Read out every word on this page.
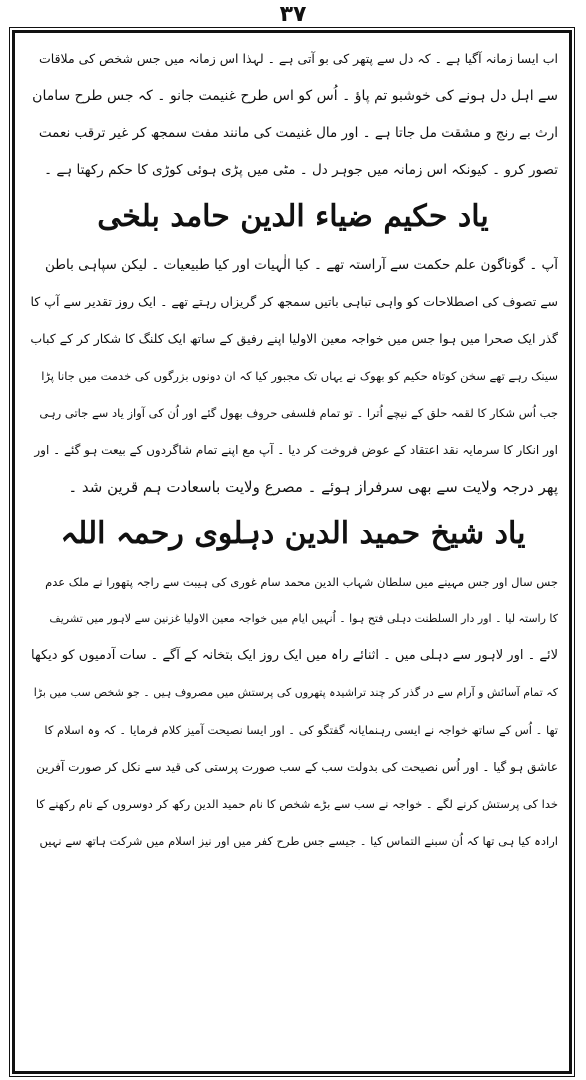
۳۷
اب ایسا زمانہ آگیا ہے ۔ کہ دل سے پتھر کی بو آتی ہے ۔ لہذا اس زمانہ میں جس شخص کی ملاقات
سے اہل دل ہونے کی خوشبو تم پاؤ ۔ اُس کو اس طرح غنیمت جانو ۔ کہ جس طرح سامان
ارث بے رنج و مشقت مل جاتا ہے ۔ اور مال غنیمت کی مانند مفت سمجھ کر غیر ترقب نعمت
تصور کرو ۔ کیونکہ اس زمانہ میں جوہر دل ۔ مٹی میں پڑی ہوئی کوڑی کا حکم رکھتا ہے ۔
یاد حکیم ضیاء الدین حامد بلخی
آپ ۔ گوناگون علم حکمت سے آراستہ تھے ۔ کیا الٰہیات اور کیا طبیعیات ۔ لیکن سپاہی باطن
سے تصوف کی اصطلاحات کو واہی تباہی باتیں سمجھ کر گریزاں رہتے تھے ۔ ایک روز تقدیر سے آپ کا
گذر ایک صحرا میں ہوا جس میں خواجہ معین الاولیا اپنے رفیق کے ساتھ ایک کلنگ کا شکار کر کے کباب
سینک رہے تھے سخن کوتاہ حکیم کو بھوک نے یہاں تک مجبور کیا کہ ان دونوں بزرگوں کی خدمت میں جانا پڑا
جب اُس شکار کا لقمہ حلق کے نیچے اُترا ۔ تو تمام فلسفی حروف بھول گئے اور اُن کی آواز یاد سے جاتی رہی
اور انکار کا سرمایہ نقد اعتقاد کے عوض فروخت کر دیا ۔ آپ مع اپنے تمام شاگردوں کے بیعت ہو گئے ۔ اور
پھر درجہ ولایت سے بھی سرفراز ہوئے ۔ مصرع ولایت باسعادت ہم قرین شد ۔
یاد شیخ حمید الدین دہلوی رحمہ اللہ
جس سال اور جس مہینے میں سلطان شہاب الدین محمد سام غوری کی ہیبت سے راجہ پتھورا نے ملک عدم
کا راستہ لیا ۔ اور دار السلطنت دہلی فتح ہوا ۔ اُنہیں ایام میں خواجہ معین الاولیا غزنین سے لاہور میں تشریف
لائے ۔ اور لاہور سے دہلی میں ۔ اثنائے راہ میں ایک روز ایک بتخانہ کے آگے ۔ سات آدمیوں کو دیکھا
کہ تمام آسائش و آرام سے در گذر کر چند تراشیدہ پتھروں کی پرستش میں مصروف ہیں ۔ جو شخص سب میں بڑا
تھا ۔ اُس کے ساتھ خواجہ نے ایسی رہنمایانہ گفتگو کی ۔ اور ایسا نصیحت آمیز کلام فرمایا ۔ کہ وہ اسلام کا
عاشق ہو گیا ۔ اور اُس نصیحت کی بدولت سب کے سب صورت پرستی کی قید سے نکل کر صورت آفرین
خدا کی پرستش کرنے لگے ۔ خواجہ نے سب سے بڑے شخص کا نام حمید الدین رکھ کر دوسروں کے نام رکھنے کا
ارادہ کیا ہی تھا کہ اُن سبنے التماس کیا ۔ جیسے جس طرح کفر میں اور نیز اسلام میں شرکت ہاتھ سے نہیں
